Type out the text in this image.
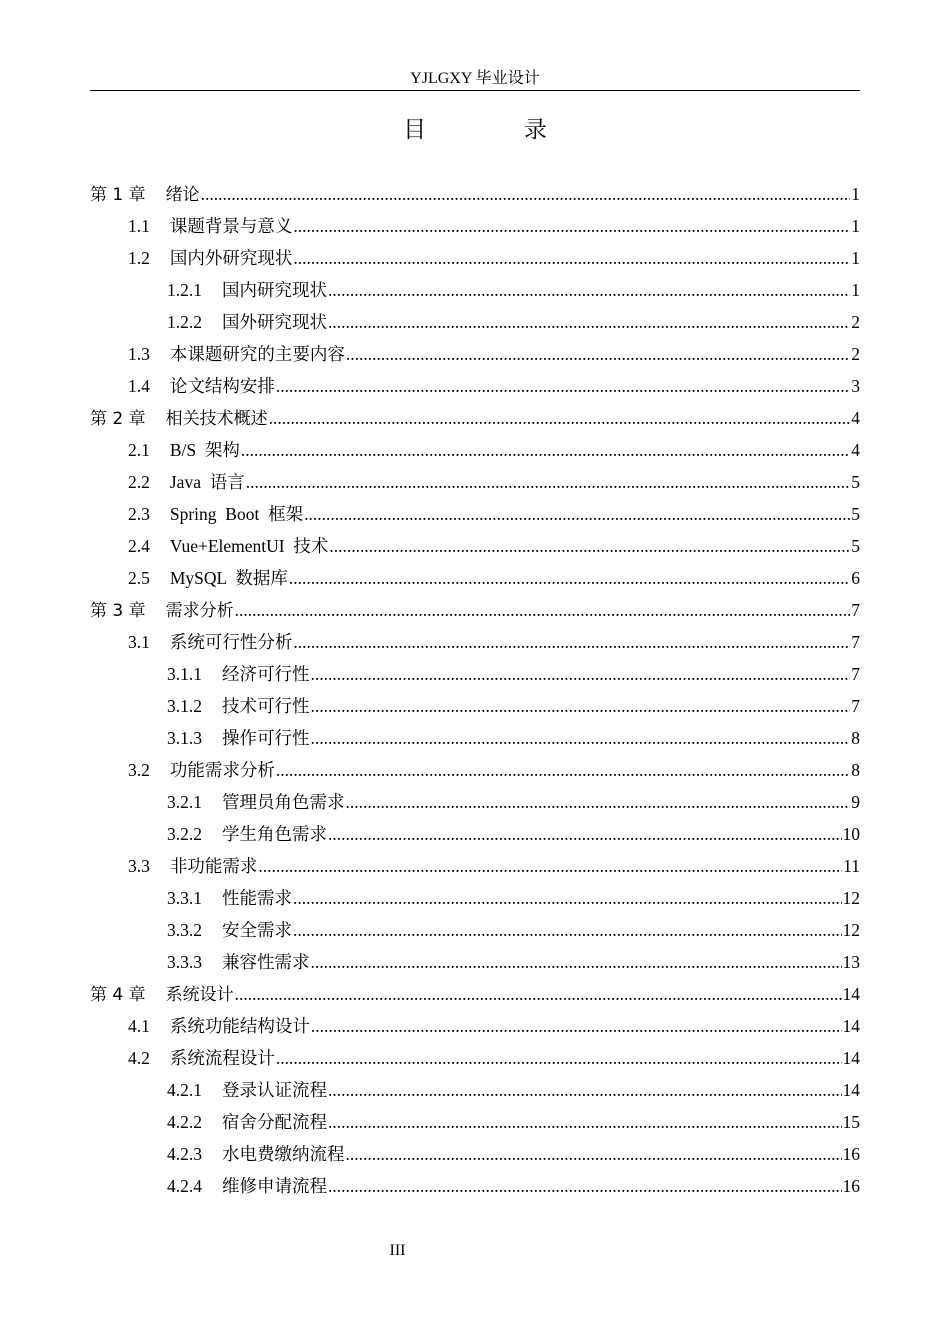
YJLGXY 毕业设计
目 录
第 1 章 绪论 .....	1
1.1 课题背景与意义 .....	1
1.2 国内外研究现状 .....	1
1.2.1 国内研究现状 .....	1
1.2.2 国外研究现状 .....	2
1.3 本课题研究的主要内容 .....	2
1.4 论文结构安排 .....	3
第 2 章 相关技术概述 .....	4
2.1 B/S  架构 .....	4
2.2 Java  语言 .....	5
2.3 Spring  Boot  框架 .....	5
2.4 Vue+ElementUI  技术 .....	5
2.5 MySQL  数据库 .....	6
第 3 章 需求分析 .....	7
3.1 系统可行性分析 .....	7
3.1.1 经济可行性 .....	7
3.1.2 技术可行性 .....	7
3.1.3 操作可行性 .....	8
3.2 功能需求分析 .....	8
3.2.1 管理员角色需求 .....	9
3.2.2 学生角色需求 .....	10
3.3 非功能需求 .....	11
3.3.1 性能需求 .....	12
3.3.2 安全需求 .....	12
3.3.3 兼容性需求 .....	13
第 4 章 系统设计 .....	14
4.1 系统功能结构设计 .....	14
4.2 系统流程设计 .....	14
4.2.1 登录认证流程 .....	14
4.2.2 宿舍分配流程 .....	15
4.2.3 水电费缴纳流程 .....	16
4.2.4 维修申请流程 .....	16
III
